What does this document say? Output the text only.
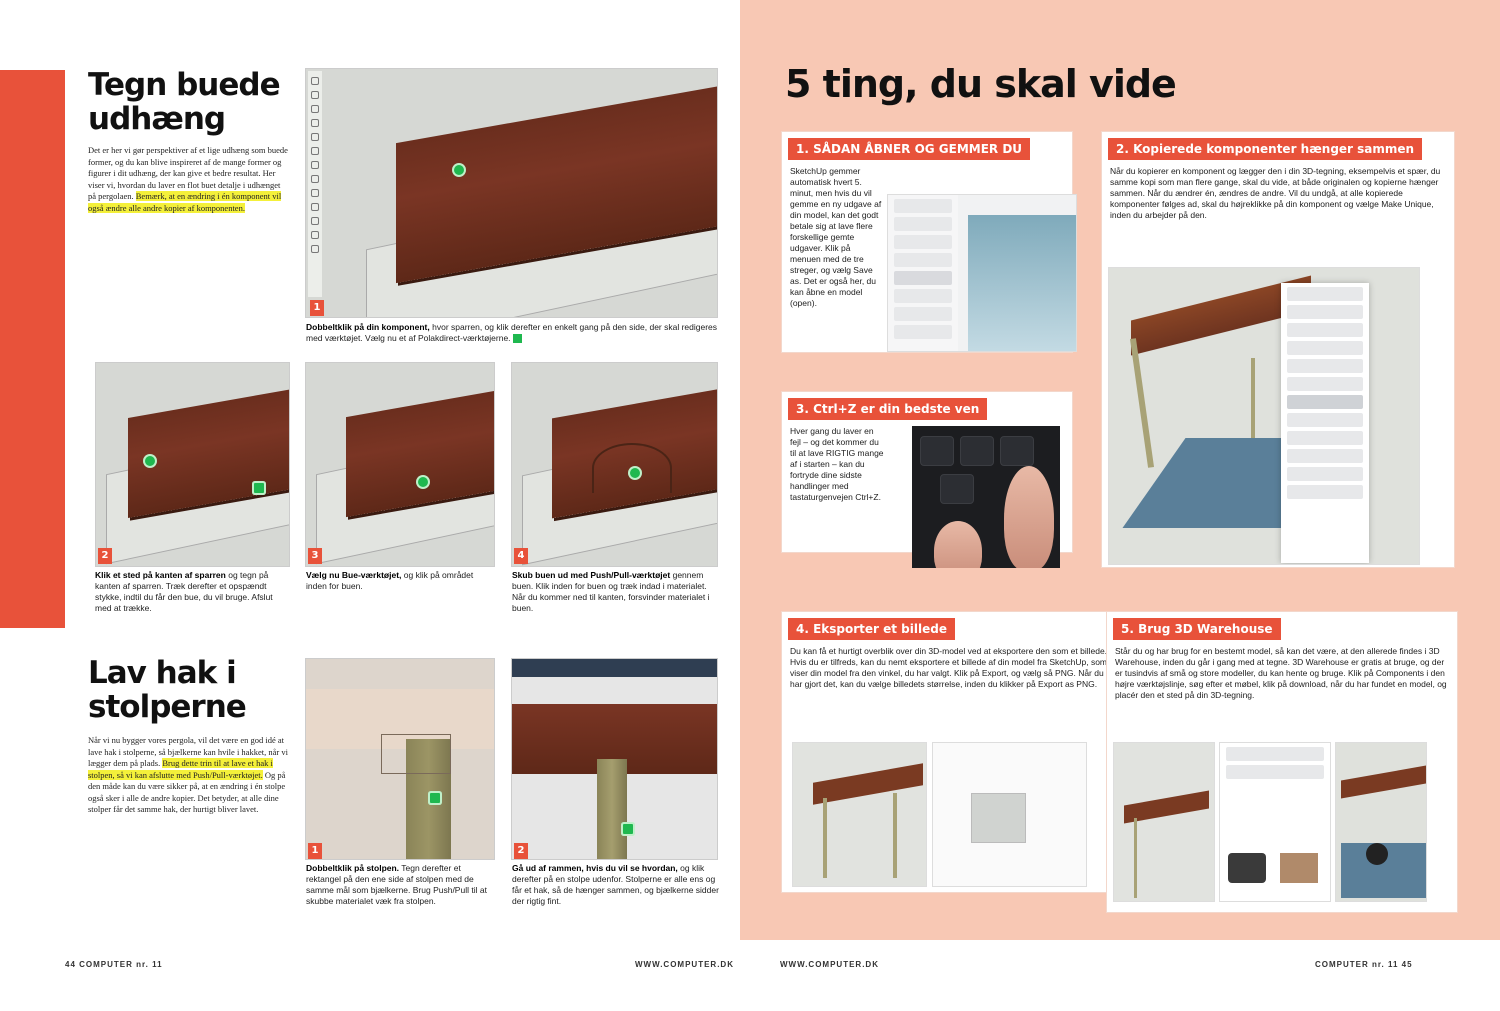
Tegn buede udhæng
Det er her vi gør perspektiver af et lige udhæng som buede former, og du kan blive inspireret af de mange former og figurer i dit udhæng, der kan give et bedre resultat. Her viser vi, hvordan du laver en flot buet detalje i udhænget på pergolaen. Bemærk, at en ændring i én komponent vil også ændre alle andre kopier af komponenten.
1
Dobbeltklik på din komponent, hvor sparren, og klik derefter en enkelt gang på den side, der skal redigeres med værktøjet. Vælg nu et af Polakdirect-værktøjerne.
2
Klik et sted på kanten af sparren og tegn på kanten af sparren. Træk derefter et opspændt stykke, indtil du får den bue, du vil bruge. Afslut med at trække.
3
Vælg nu Bue-værktøjet, og klik på området inden for buen.
4
Skub buen ud med Push/Pull-værktøjet gennem buen. Klik inden for buen og træk indad i materialet. Når du kommer ned til kanten, forsvinder materialet i buen.
Lav hak i stolperne
Når vi nu bygger vores pergola, vil det være en god idé at lave hak i stolperne, så bjælkerne kan hvile i hakket, når vi lægger dem på plads. Brug dette trin til at lave et hak i stolpen, så vi kan afslutte med Push/Pull-værktøjet. Og på den måde kan du være sikker på, at en ændring i én stolpe også sker i alle de andre kopier. Det betyder, at alle dine stolper får det samme hak, der hurtigt bliver lavet.
1
Dobbeltklik på stolpen. Tegn derefter et rektangel på den ene side af stolpen med de samme mål som bjælkerne. Brug Push/Pull til at skubbe materialet væk fra stolpen.
2
Gå ud af rammen, hvis du vil se hvordan, og klik derefter på en stolpe udenfor. Stolperne er alle ens og får et hak, så de hænger sammen, og bjælkerne sidder der rigtig fint.
44 COMPUTER nr. 11	WWW.COMPUTER.DK
5 ting, du skal vide
1. SÅDAN ÅBNER OG GEMMER DU
SketchUp gemmer automatisk hvert 5. minut, men hvis du vil gemme en ny udgave af din model, kan det godt betale sig at lave flere forskellige gemte udgaver. Klik på menuen med de tre streger, og vælg Save as. Det er også her, du kan åbne en model (open).
2. Kopierede komponenter hænger sammen
Når du kopierer en komponent og lægger den i din 3D-tegning, eksempelvis et spær, du samme kopi som man flere gange, skal du vide, at både originalen og kopierne hænger sammen. Når du ændrer én, ændres de andre. Vil du undgå, at alle kopierede komponenter følges ad, skal du højreklikke på din komponent og vælge Make Unique, inden du arbejder på den.
3. Ctrl+Z er din bedste ven
Hver gang du laver en fejl – og det kommer du til at lave RIGTIG mange af i starten – kan du fortryde dine sidste handlinger med tastaturgenvejen Ctrl+Z.
4. Eksporter et billede
Du kan få et hurtigt overblik over din 3D-model ved at eksportere den som et billede. Hvis du er tilfreds, kan du nemt eksportere et billede af din model fra SketchUp, som viser din model fra den vinkel, du har valgt. Klik på Export, og vælg så PNG. Når du har gjort det, kan du vælge billedets størrelse, inden du klikker på Export as PNG.
5. Brug 3D Warehouse
Står du og har brug for en bestemt model, så kan det være, at den allerede findes i 3D Warehouse, inden du går i gang med at tegne. 3D Warehouse er gratis at bruge, og der er tusindvis af små og store modeller, du kan hente og bruge. Klik på Components i den højre værktøjslinje, søg efter et møbel, klik på download, når du har fundet en model, og placér den et sted på din 3D-tegning.
WWW.COMPUTER.DK	COMPUTER nr. 11 45
